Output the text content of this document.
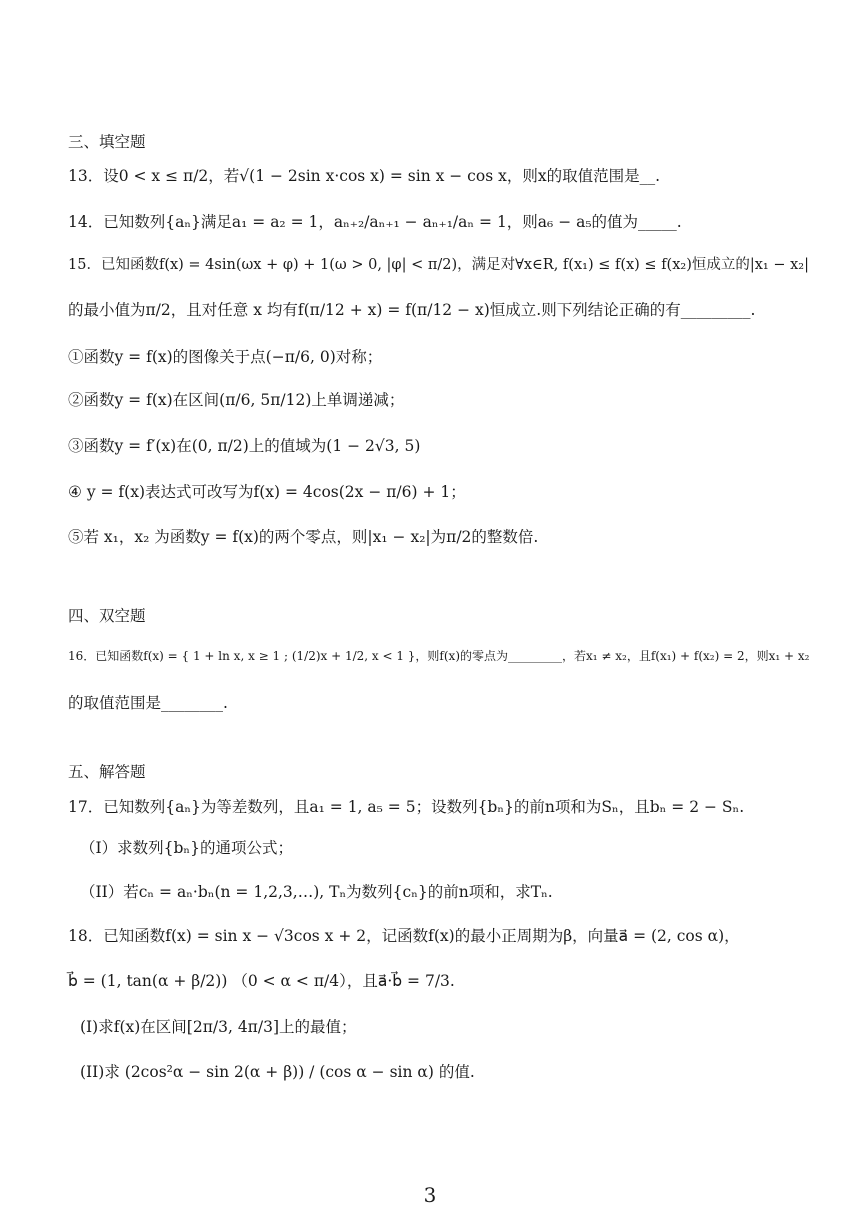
三、填空题
13．设0 < x ≤ π/2，若√(1 − 2sin x·cos x) = sin x − cos x，则x的取值范围是__.
14．已知数列{aₙ}满足a₁ = a₂ = 1，aₙ₊₂/aₙ₊₁ − aₙ₊₁/aₙ = 1，则a₆ − a₅的值为_____.
15．已知函数f(x) = 4sin(ωx + φ) + 1(ω > 0, |φ| < π/2)，满足对∀x∈R, f(x₁) ≤ f(x) ≤ f(x₂)恒成立的|x₁ − x₂|
的最小值为π/2，且对任意 x 均有f(π/12 + x) = f(π/12 − x)恒成立.则下列结论正确的有_________.
①函数y = f(x)的图像关于点(−π/6, 0)对称；
②函数y = f(x)在区间(π/6, 5π/12)上单调递减；
③函数y = f′(x)在(0, π/2)上的值域为(1 − 2√3, 5)
④ y = f(x)表达式可改写为f(x) = 4cos(2x − π/6) + 1；
⑤若 x₁，x₂ 为函数y = f(x)的两个零点，则|x₁ − x₂|为π/2的整数倍.
四、双空题
16．已知函数f(x) = { 1 + ln x, x ≥ 1 ; (1/2)x + 1/2, x < 1 }，则f(x)的零点为_________，若x₁ ≠ x₂，且f(x₁) + f(x₂) = 2，则x₁ + x₂
的取值范围是________.
五、解答题
17．已知数列{aₙ}为等差数列，且a₁ = 1, a₅ = 5；设数列{bₙ}的前n项和为Sₙ，且bₙ = 2 − Sₙ.
（I）求数列{bₙ}的通项公式；
（II）若cₙ = aₙ·bₙ(n = 1,2,3,…), Tₙ为数列{cₙ}的前n项和，求Tₙ.
18．已知函数f(x) = sin x − √3cos x + 2，记函数f(x)的最小正周期为β，向量a⃗ = (2, cos α)，
b⃗ = (1, tan(α + β/2)) （0 < α < π/4），且a⃗·b⃗ = 7/3.
(I)求f(x)在区间[2π/3, 4π/3]上的最值；
(II)求 (2cos²α − sin 2(α + β)) / (cos α − sin α) 的值.
3
